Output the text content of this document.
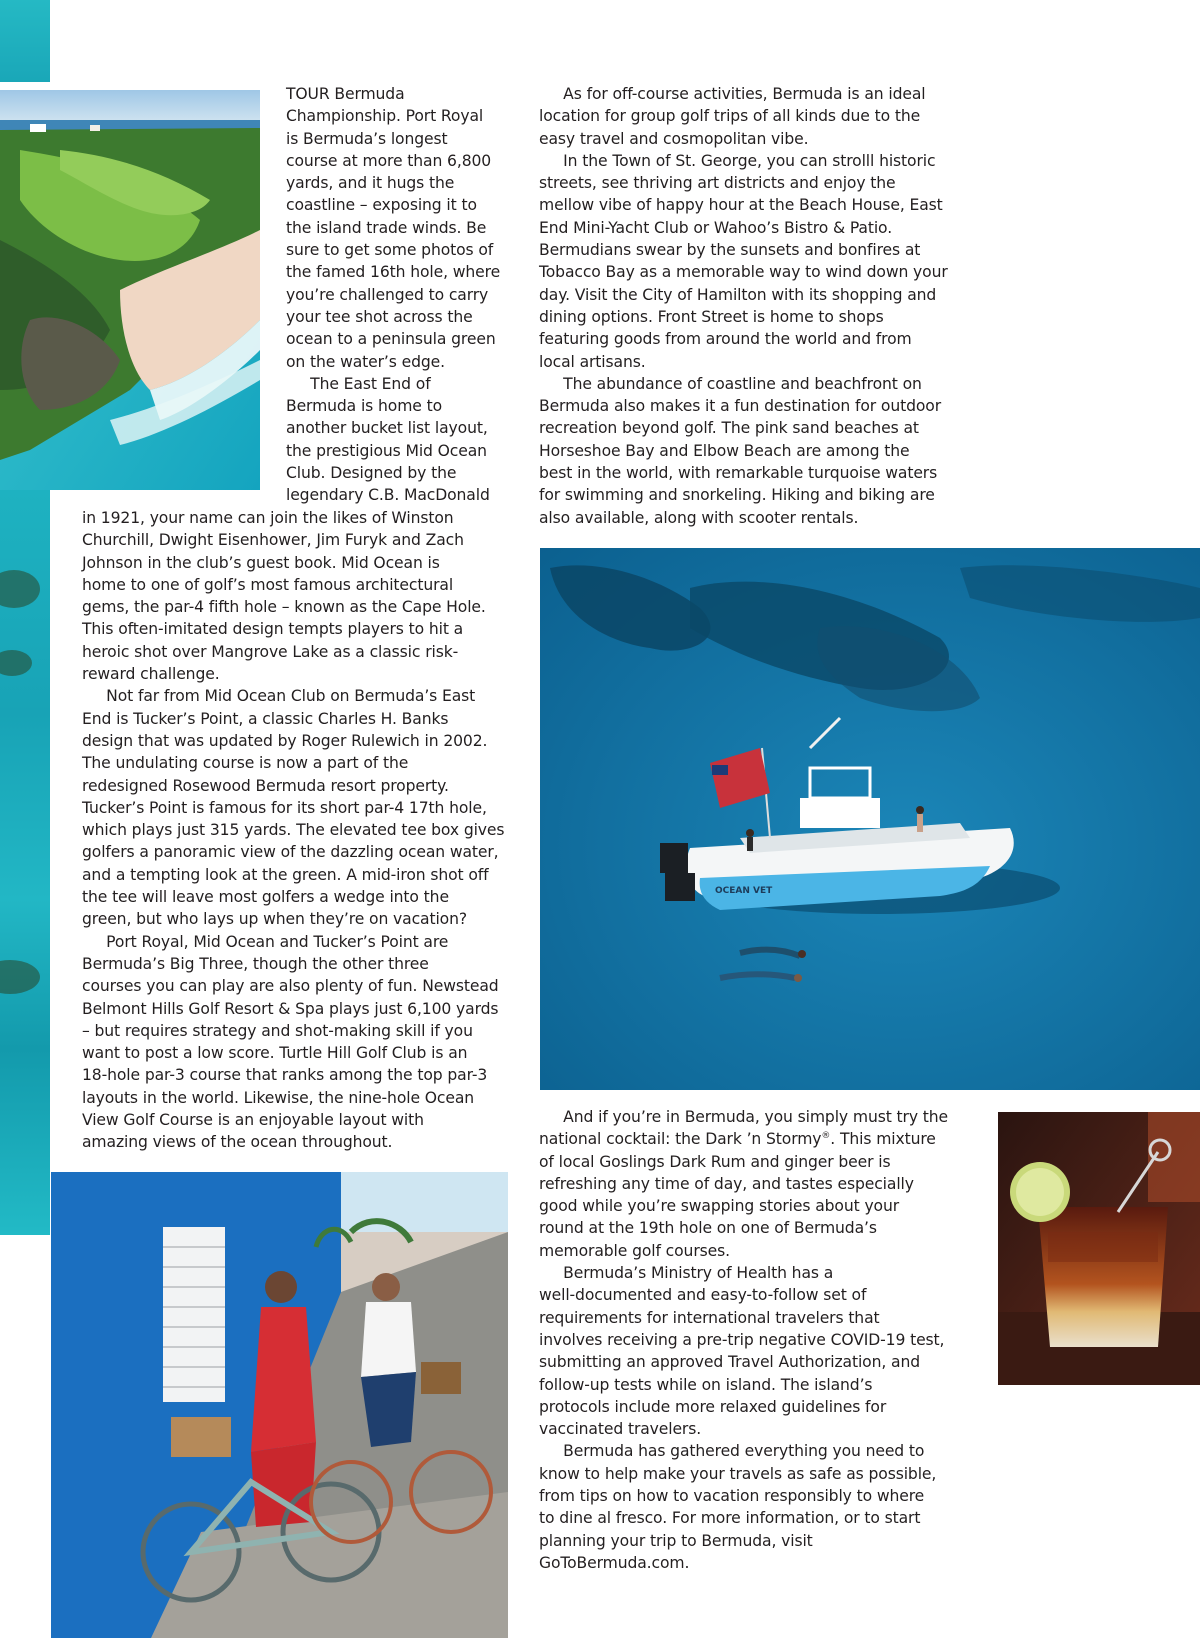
TOUR Bermuda
Championship. Port Royal
is Bermuda’s longest
course at more than 6,800
yards, and it hugs the
coastline – exposing it to
the island trade winds. Be
sure to get some photos of
the famed 16th hole, where
you’re challenged to carry
your tee shot across the
ocean to a peninsula green
on the water’s edge.
The East End of
Bermuda is home to
another bucket list layout,
the prestigious Mid Ocean
Club. Designed by the
legendary C.B. MacDonald
in 1921, your name can join the likes of Winston
Churchill, Dwight Eisenhower, Jim Furyk and Zach
Johnson in the club’s guest book. Mid Ocean is
home to one of golf’s most famous architectural
gems, the par-4 fifth hole – known as the Cape Hole.
This often-imitated design tempts players to hit a
heroic shot over Mangrove Lake as a classic risk-
reward challenge.
Not far from Mid Ocean Club on Bermuda’s East
End is Tucker’s Point, a classic Charles H. Banks
design that was updated by Roger Rulewich in 2002.
The undulating course is now a part of the
redesigned Rosewood Bermuda resort property.
Tucker’s Point is famous for its short par-4 17th hole,
which plays just 315 yards. The elevated tee box gives
golfers a panoramic view of the dazzling ocean water,
and a tempting look at the green. A mid-iron shot off
the tee will leave most golfers a wedge into the
green, but who lays up when they’re on vacation?
Port Royal, Mid Ocean and Tucker’s Point are
Bermuda’s Big Three, though the other three
courses you can play are also plenty of fun. Newstead
Belmont Hills Golf Resort & Spa plays just 6,100 yards
– but requires strategy and shot-making skill if you
want to post a low score. Turtle Hill Golf Club is an
18-hole par-3 course that ranks among the top par-3
layouts in the world. Likewise, the nine-hole Ocean
View Golf Course is an enjoyable layout with
amazing views of the ocean throughout.
As for off-course activities, Bermuda is an ideal
location for group golf trips of all kinds due to the
easy travel and cosmopolitan vibe.
In the Town of St. George, you can strolll historic
streets, see thriving art districts and enjoy the
mellow vibe of happy hour at the Beach House, East
End Mini-Yacht Club or Wahoo’s Bistro & Patio.
Bermudians swear by the sunsets and bonfires at
Tobacco Bay as a memorable way to wind down your
day. Visit the City of Hamilton with its shopping and
dining options. Front Street is home to shops
featuring goods from around the world and from
local artisans.
The abundance of coastline and beachfront on
Bermuda also makes it a fun destination for outdoor
recreation beyond golf. The pink sand beaches at
Horseshoe Bay and Elbow Beach are among the
best in the world, with remarkable turquoise waters
for swimming and snorkeling. Hiking and biking are
also available, along with scooter rentals.
OCEAN VET
And if you’re in Bermuda, you simply must try the
national cocktail: the Dark ’n Stormy®. This mixture
of local Goslings Dark Rum and ginger beer is
refreshing any time of day, and tastes especially
good while you’re swapping stories about your
round at the 19th hole on one of Bermuda’s
memorable golf courses.
Bermuda’s Ministry of Health has a
well-documented and easy-to-follow set of
requirements for international travelers that
involves receiving a pre-trip negative COVID-19 test,
submitting an approved Travel Authorization, and
follow-up tests while on island. The island’s
protocols include more relaxed guidelines for
vaccinated travelers.
Bermuda has gathered everything you need to
know to help make your travels as safe as possible,
from tips on how to vacation responsibly to where
to dine al fresco. For more information, or to start
planning your trip to Bermuda, visit
GoToBermuda.com.
